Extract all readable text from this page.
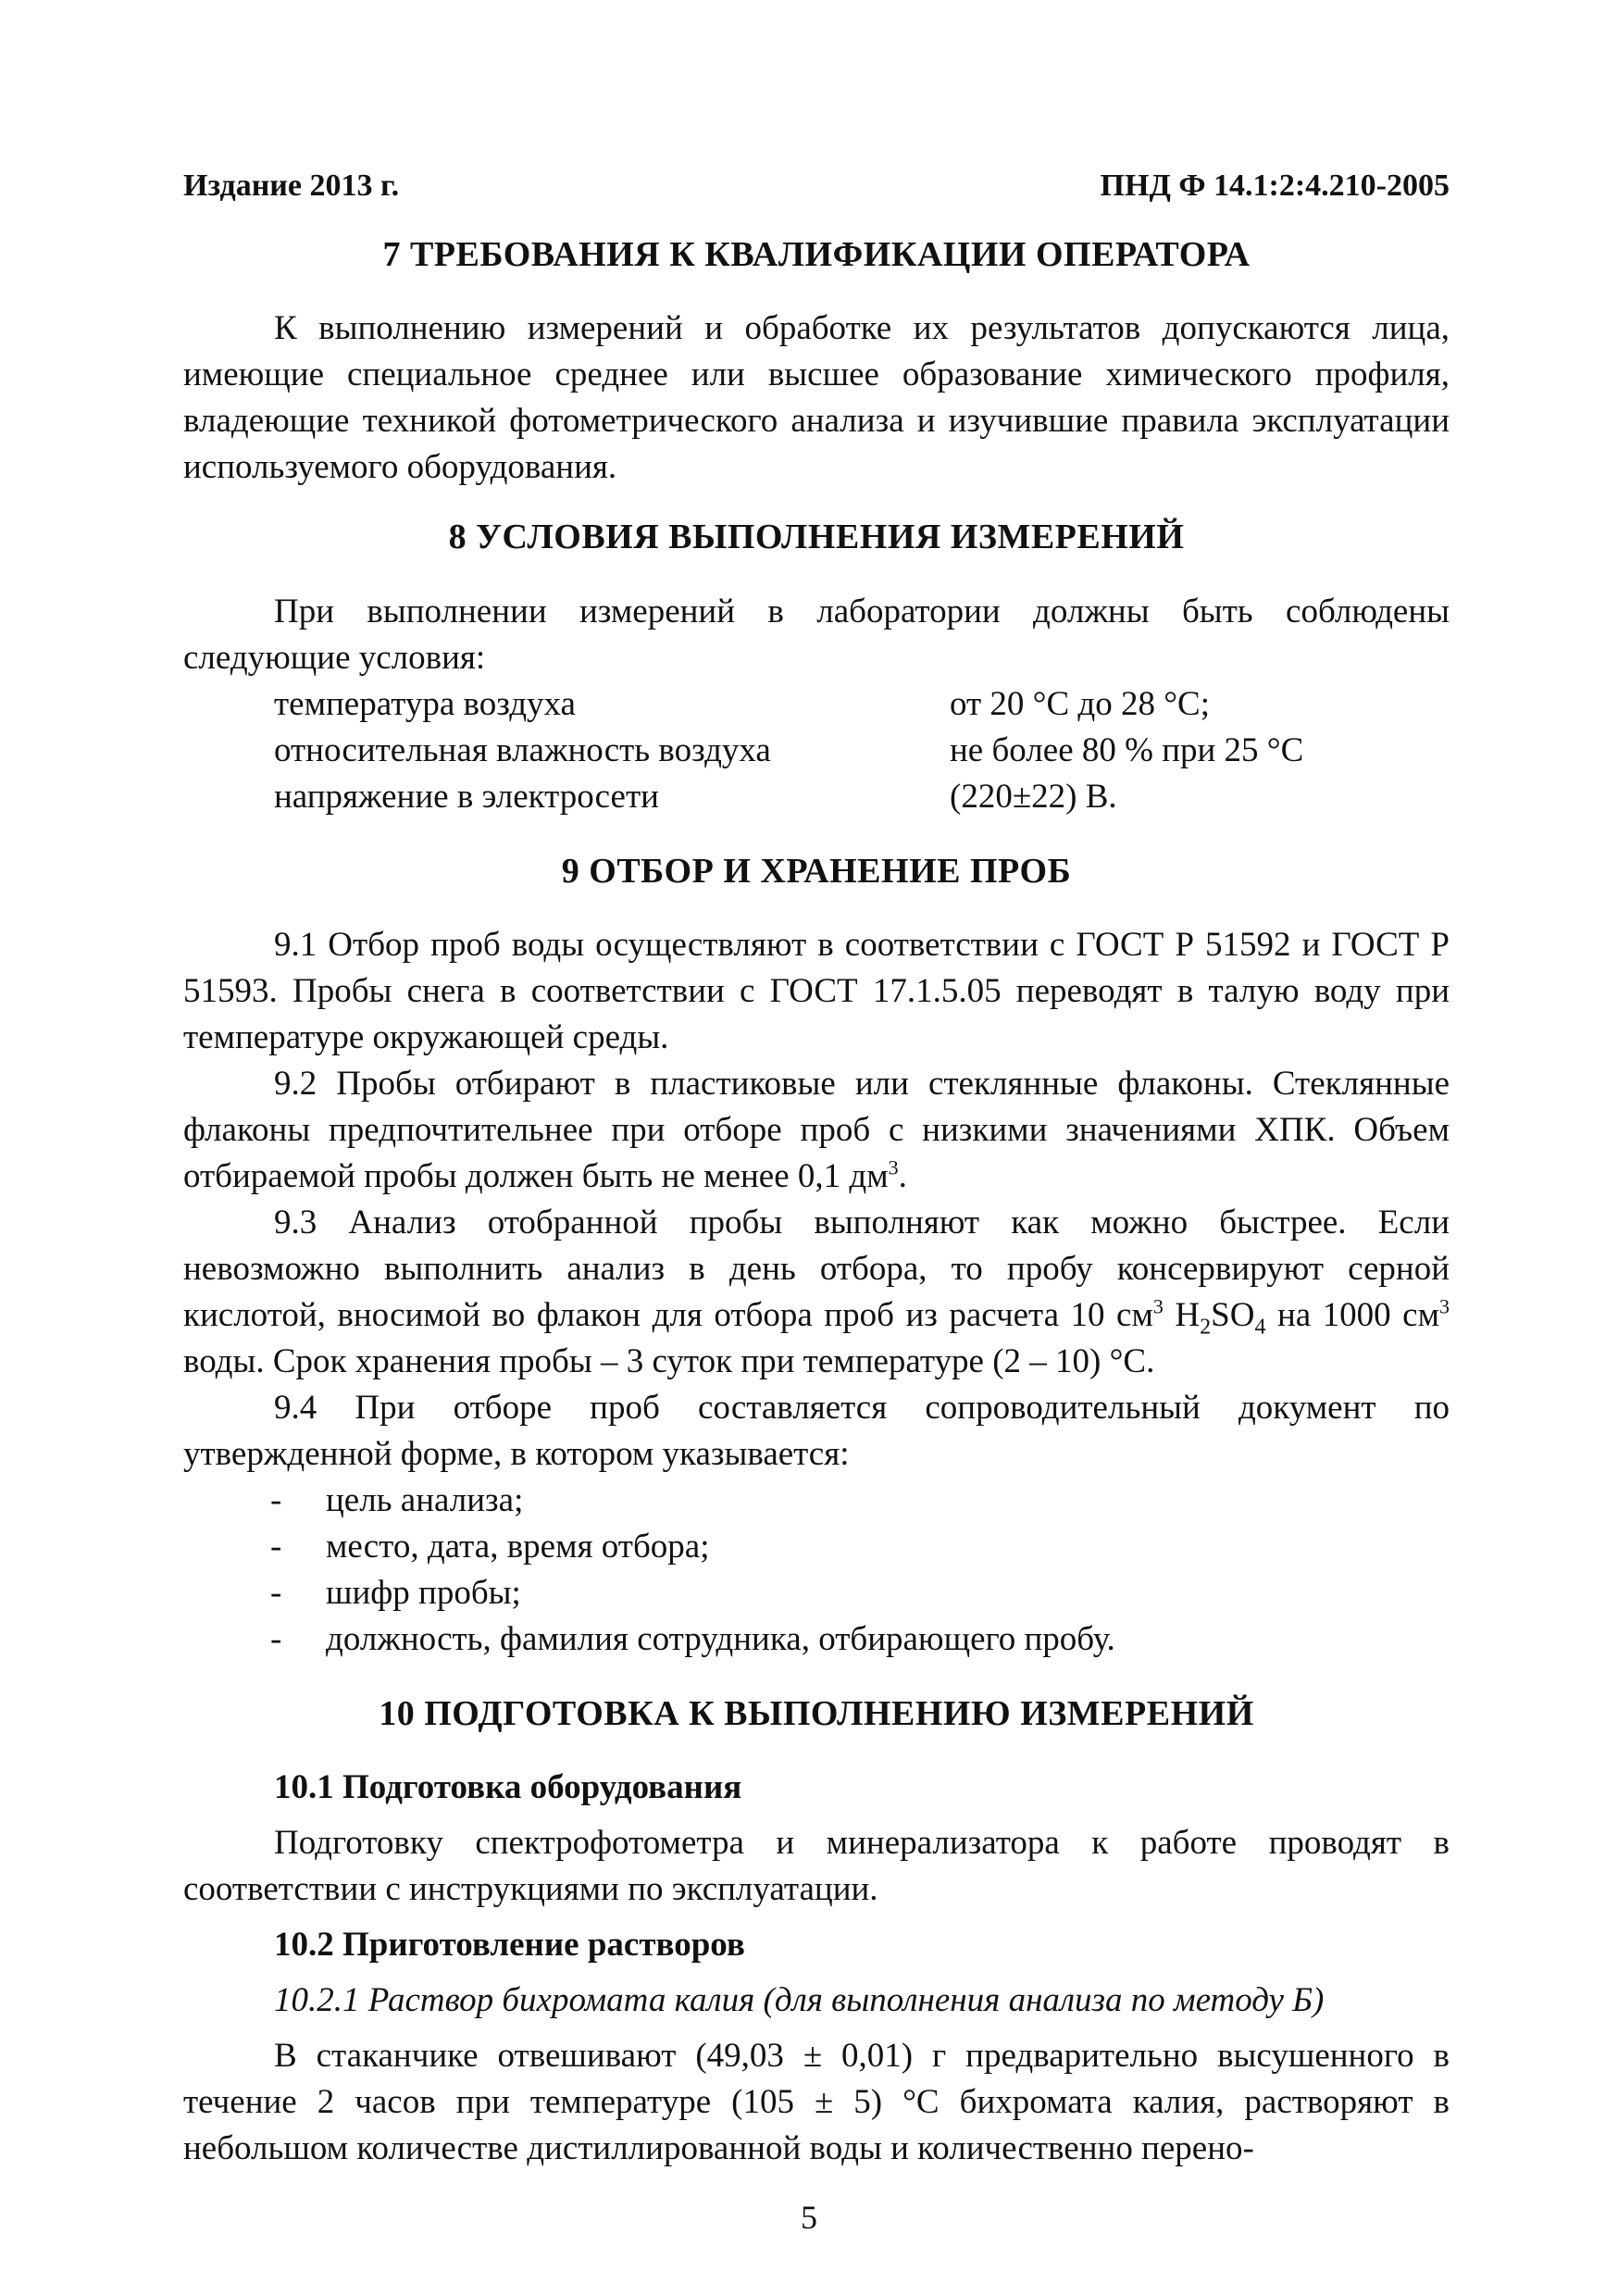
Издание 2013 г.	ПНД Ф 14.1:2:4.210-2005
7 ТРЕБОВАНИЯ К КВАЛИФИКАЦИИ ОПЕРАТОРА
К выполнению измерений и обработке их результатов допускаются лица, имеющие специальное среднее или высшее образование химического профиля, владеющие техникой фотометрического анализа и изучившие правила эксплуатации используемого оборудования.
8 УСЛОВИЯ ВЫПОЛНЕНИЯ ИЗМЕРЕНИЙ
При выполнении измерений в лаборатории должны быть соблюдены следующие условия:
температура воздуха	от 20 °С до 28 °С;
относительная влажность воздуха	не более 80 % при 25 °С
напряжение в электросети	(220±22) В.
9 ОТБОР И ХРАНЕНИЕ ПРОБ
9.1 Отбор проб воды осуществляют в соответствии с ГОСТ Р 51592 и ГОСТ Р 51593. Пробы снега в соответствии с ГОСТ 17.1.5.05 переводят в талую воду при температуре окружающей среды.
9.2 Пробы отбирают в пластиковые или стеклянные флаконы. Стеклянные флаконы предпочтительнее при отборе проб с низкими значениями ХПК. Объем отбираемой пробы должен быть не менее 0,1 $дм^3$.
9.3 Анализ отобранной пробы выполняют как можно быстрее. Если невозможно выполнить анализ в день отбора, то пробу консервируют серной кислотой, вносимой во флакон для отбора проб из расчета 10 $см^3$ $H_2SO_4$ на 1000 $см^3$ воды. Срок хранения пробы – 3 суток при температуре (2 – 10) °С.
9.4 При отборе проб составляется сопроводительный документ по утвержденной форме, в котором указывается:
- цель анализа;
- место, дата, время отбора;
- шифр пробы;
- должность, фамилия сотрудника, отбирающего пробу.
10 ПОДГОТОВКА К ВЫПОЛНЕНИЮ ИЗМЕРЕНИЙ
10.1 Подготовка оборудования
Подготовку спектрофотометра и минерализатора к работе проводят в соответствии с инструкциями по эксплуатации.
10.2 Приготовление растворов
10.2.1 Раствор бихромата калия (для выполнения анализа по методу Б)
В стаканчике отвешивают (49,03 ± 0,01) г предварительно высушенного в течение 2 часов при температуре (105 ± 5) °С бихромата калия, растворяют в небольшом количестве дистиллированной воды и количественно перено-
5
